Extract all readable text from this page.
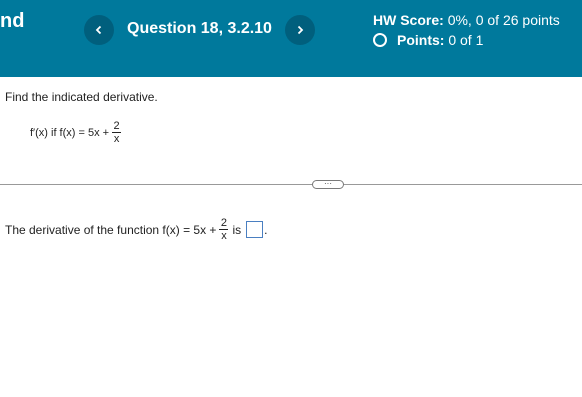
nd	Question 18, 3.2.10	HW Score: 0%, 0 of 26 points
Points:
0 of 1
Find the indicated derivative.
f′(x) if $f(x) = 5x + \frac{2}{x}$
···
The derivative of the function $f(x) = 5x + \frac{2}{x}$ is .
